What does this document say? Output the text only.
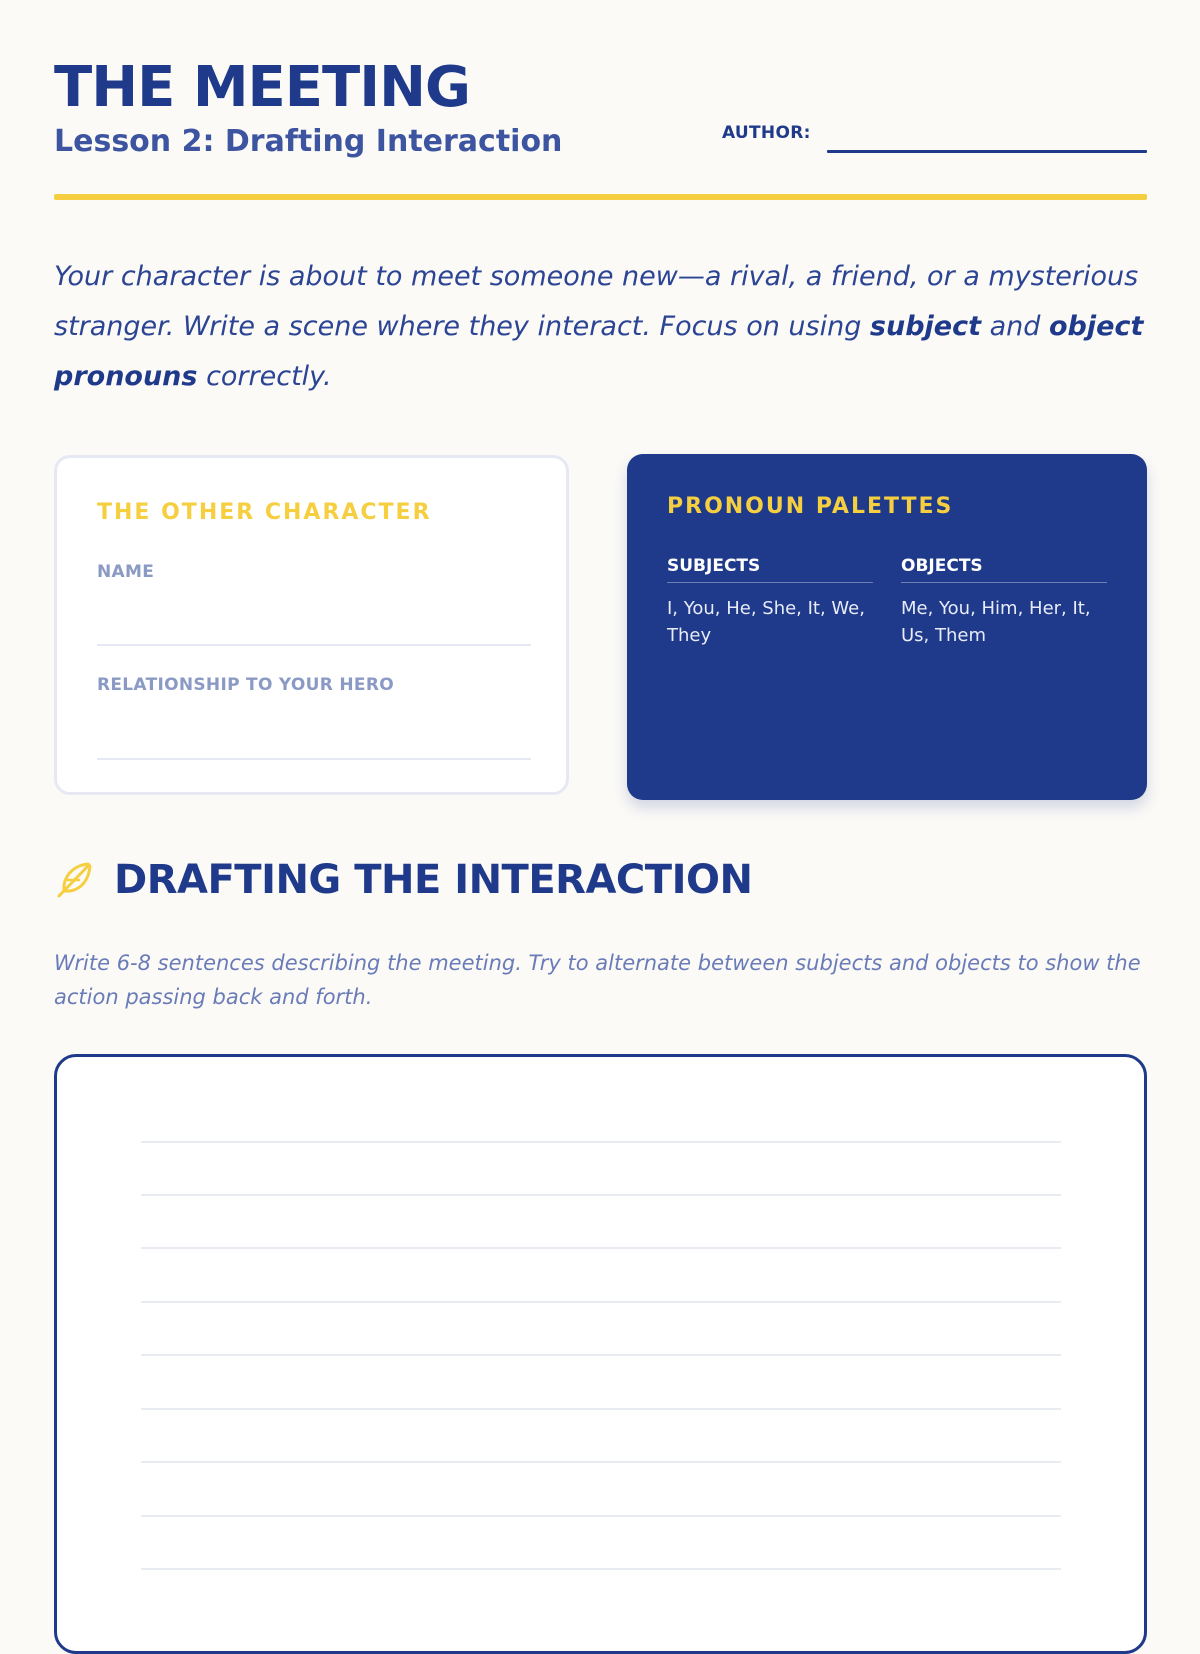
THE MEETING
Lesson 2: Drafting Interaction	AUTHOR:

Your character is about to meet someone new—a rival, a friend, or a mysterious stranger. Write a scene where they interact. Focus on using subject and object pronouns correctly.

THE OTHER CHARACTER
NAME
RELATIONSHIP TO YOUR HERO
PRONOUN PALETTES
SUBJECTS
I, You, He, She, It, We, They
OBJECTS
Me, You, Him, Her, It, Us, Them
DRAFTING THE INTERACTION

Write 6-8 sentences describing the meeting. Try to alternate between subjects and objects to show the action passing back and forth.
